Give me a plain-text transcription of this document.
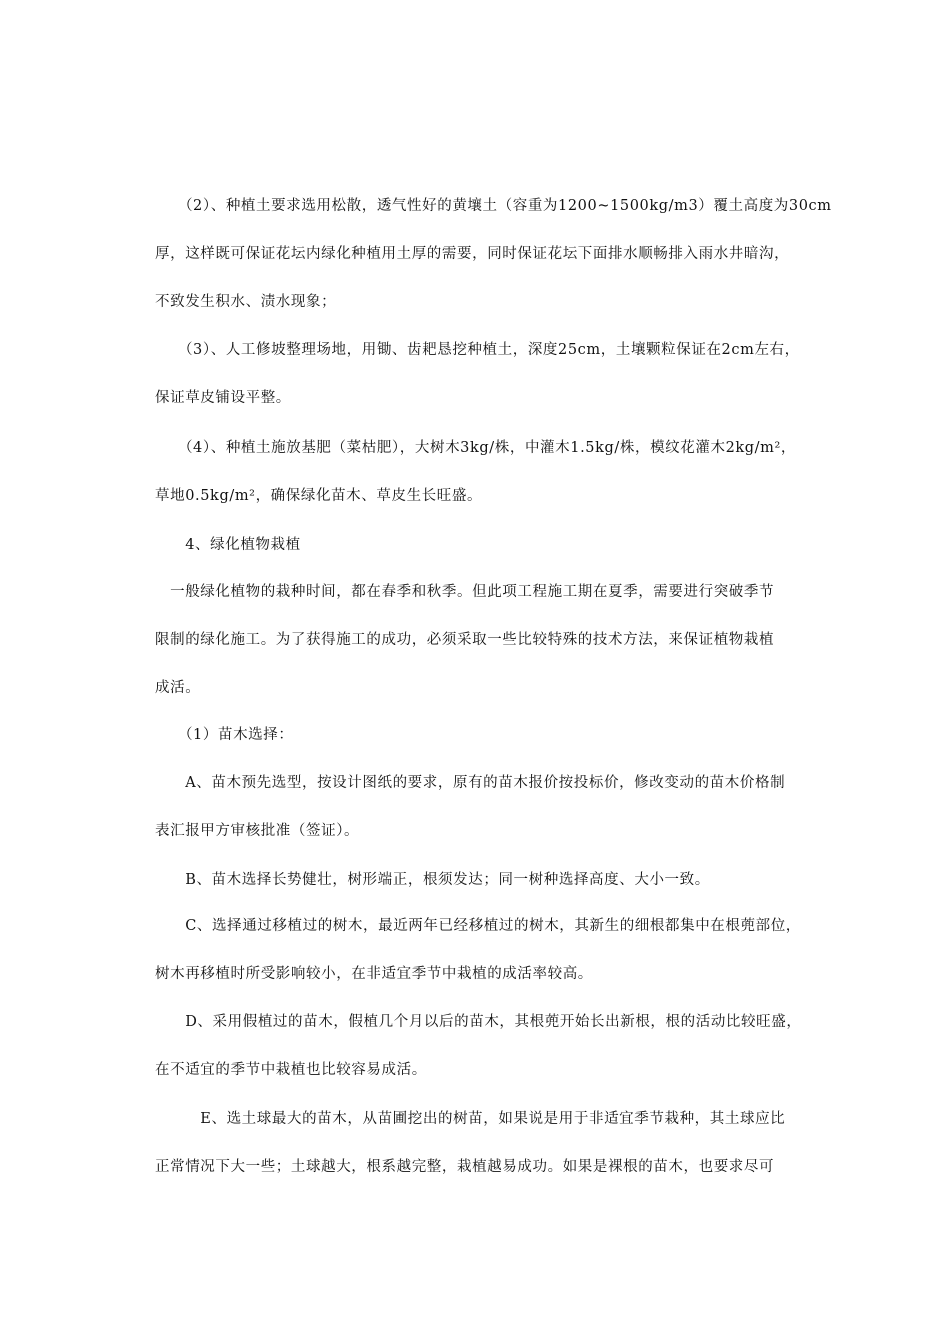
　　（2）、种植土要求选用松散，透气性好的黄壤土（容重为1200~1500kg/m3）覆土高度为30cm
厚，这样既可保证花坛内绿化种植用土厚的需要，同时保证花坛下面排水顺畅排入雨水井暗沟，
不致发生积水、渍水现象；
　　（3）、人工修坡整理场地，用锄、齿耙恳挖种植土，深度25cm，土壤颗粒保证在2cm左右，
保证草皮铺设平整。
　　（4）、种植土施放基肥（菜枯肥），大树木3kg/株，中灌木1.5kg/株，模纹花灌木2kg/m²，
草地0.5kg/m²，确保绿化苗木、草皮生长旺盛。
　　4、绿化植物栽植
　一般绿化植物的栽种时间，都在春季和秋季。但此项工程施工期在夏季，需要进行突破季节
限制的绿化施工。为了获得施工的成功，必须采取一些比较特殊的技术方法，来保证植物栽植
成活。
　　（1）苗木选择：
　　A、苗木预先选型，按设计图纸的要求，原有的苗木报价按投标价，修改变动的苗木价格制
表汇报甲方审核批准（签证）。
　　B、苗木选择长势健壮，树形端正，根须发达；同一树种选择高度、大小一致。
　　C、选择通过移植过的树木，最近两年已经移植过的树木，其新生的细根都集中在根蔸部位，
树木再移植时所受影响较小，在非适宜季节中栽植的成活率较高。
　　D、采用假植过的苗木，假植几个月以后的苗木，其根蔸开始长出新根，根的活动比较旺盛，
在不适宜的季节中栽植也比较容易成活。
　　　E、选土球最大的苗木，从苗圃挖出的树苗，如果说是用于非适宜季节栽种，其土球应比
正常情况下大一些；土球越大，根系越完整，栽植越易成功。如果是裸根的苗木，也要求尽可
